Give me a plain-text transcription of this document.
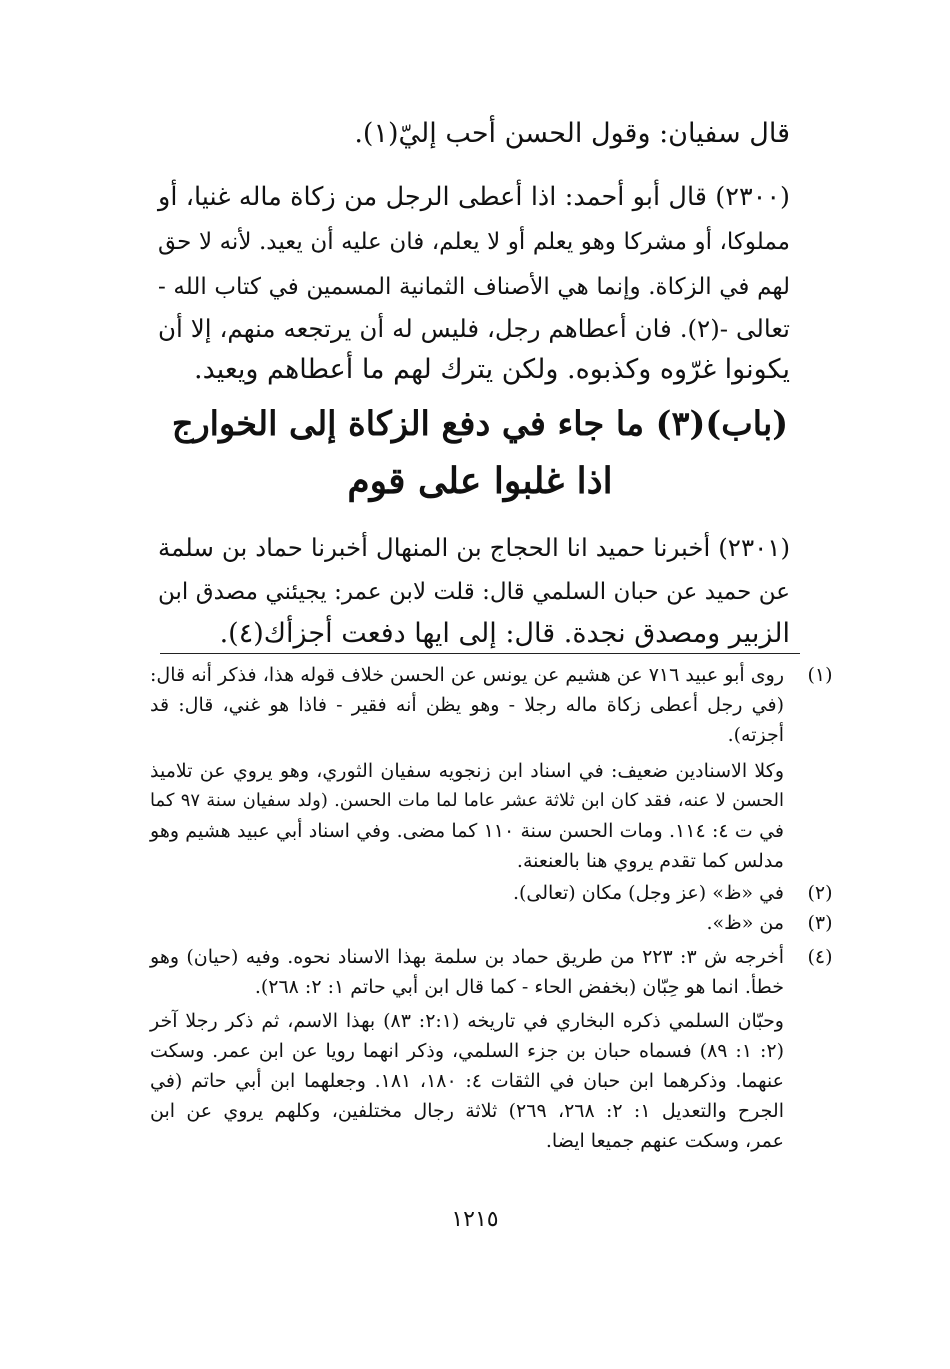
قال سفيان: وقول الحسن أحب إليّ(١).
(٢٣٠٠) قال أبو أحمد: اذا أعطى الرجل من زكاة ماله غنيا، أو
مملوكا، أو مشركا وهو يعلم أو لا يعلم، فان عليه أن يعيد. لأنه لا حق
لهم في الزكاة. وإنما هي الأصناف الثمانية المسمين في كتاب الله -
تعالى -(٢). فان أعطاهم رجل، فليس له أن يرتجعه منهم، إلا أن
يكونوا غرّوه وكذبوه. ولكن يترك لهم ما أعطاهم ويعيد.
(باب)(٣) ما جاء في دفع الزكاة إلى الخوارج
اذا غلبوا على قوم
(٢٣٠١) أخبرنا حميد انا الحجاج بن المنهال أخبرنا حماد بن سلمة
عن حميد عن حبان السلمي قال: قلت لابن عمر: يجيئني مصدق ابن
الزبير ومصدق نجدة. قال: إلى ايها دفعت أجزأك(٤).
(١)
روى أبو عبيد ٧١٦ عن هشيم عن يونس عن الحسن خلاف قوله هذا، فذكر أنه قال:
(في رجل أعطى زكاة ماله رجلا - وهو يظن أنه فقير - فاذا هو غني، قال: قد
أجزته).
وكلا الاسنادين ضعيف: في اسناد ابن زنجويه سفيان الثوري، وهو يروي عن تلاميذ
الحسن لا عنه، فقد كان ابن ثلاثة عشر عاما لما مات الحسن. (ولد سفيان سنة ٩٧ كما
في ت ٤: ١١٤. ومات الحسن سنة ١١٠ كما مضى. وفي اسناد أبي عبيد هشيم وهو
مدلس كما تقدم يروي هنا بالعنعنة.
(٢)
في «ظ» (عز وجل) مكان (تعالى).
(٣)
من «ظ».
(٤)
أخرجه ش ٣: ٢٢٣ من طريق حماد بن سلمة بهذا الاسناد نحوه. وفيه (حيان) وهو
خطأ. انما هو حِبّان (بخفض الحاء - كما قال ابن أبي حاتم ١: ٢: ٢٦٨).
وحبّان السلمي ذكره البخاري في تاريخه (٢:١: ٨٣) بهذا الاسم، ثم ذكر رجلا آخر
(٢: ١: ٨٩) فسماه حبان بن جزء السلمي، وذكر انهما رويا عن ابن عمر. وسكت
عنهما. وذكرهما ابن حبان في الثقات ٤: ١٨٠، ١٨١. وجعلهما ابن أبي حاتم (في
الجرح والتعديل ١: ٢: ٢٦٨، ٢٦٩) ثلاثة رجال مختلفين، وكلهم يروي عن ابن
عمر، وسكت عنهم جميعا ايضا.
١٢١٥
